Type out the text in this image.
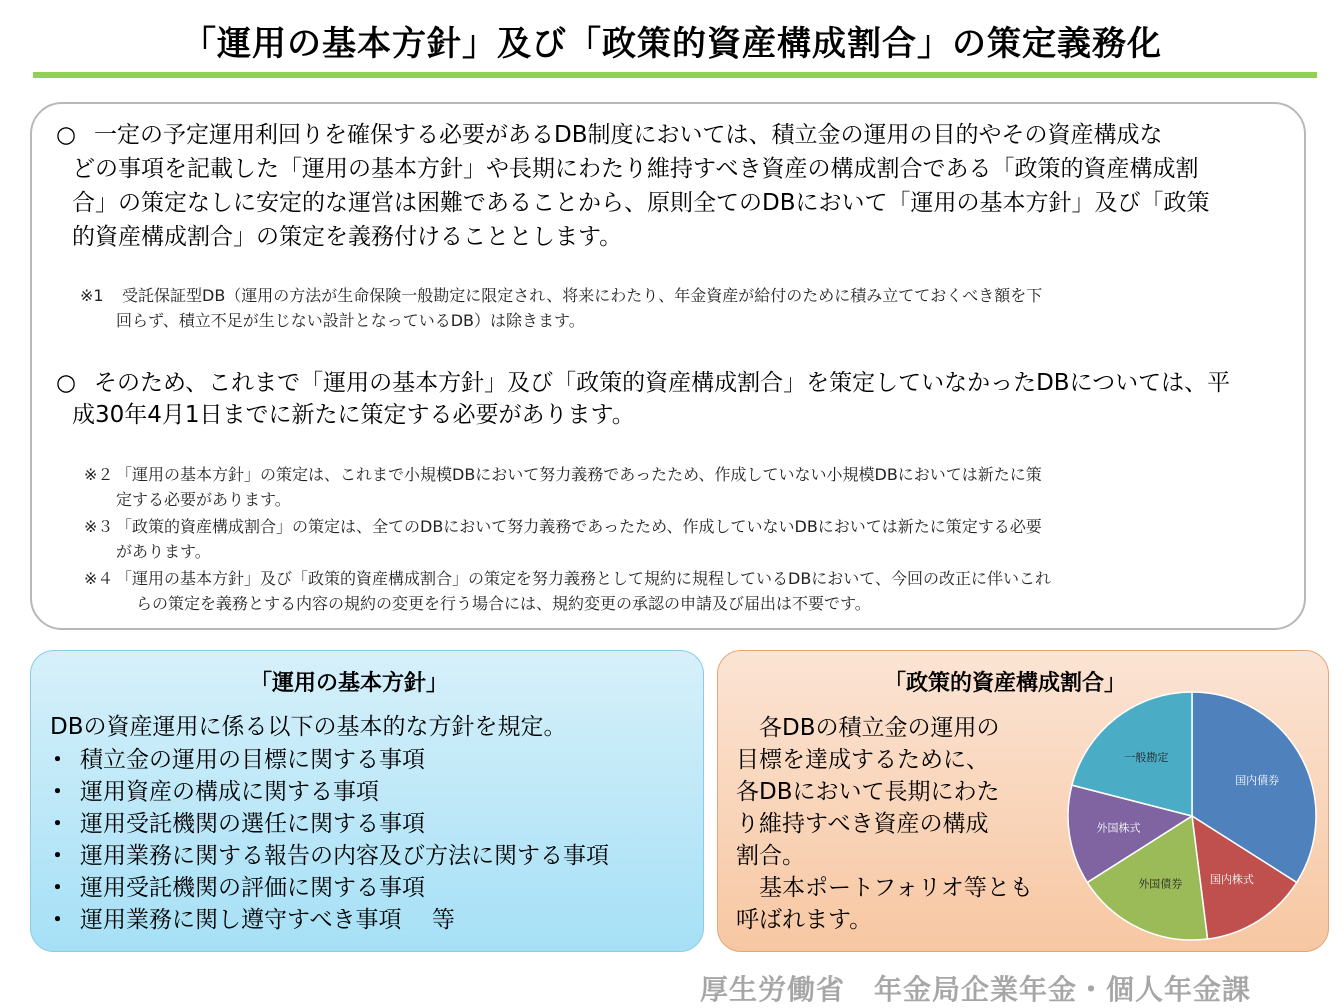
「運用の基本方針」及び「政策的資産構成割合」の策定義務化

○ 一定の予定運用利回りを確保する必要があるDB制度においては、積立金の運用の目的やその資産構成な

どの事項を記載した「運用の基本方針」や長期にわたり維持すべき資産の構成割合である「政策的資産構成割

合」の策定なしに安定的な運営は困難であることから、原則全てのDBにおいて「運用の基本方針」及び「政策

的資産構成割合」の策定を義務付けることとします。

※1 受託保証型DB（運用の方法が生命保険一般勘定に限定され、将来にわたり、年金資産が給付のために積み立てておくべき額を下

回らず、積立不足が生じない設計となっているDB）は除きます。

○ そのため、これまで「運用の基本方針」及び「政策的資産構成割合」を策定していなかったDBについては、平

成30年4月1日までに新たに策定する必要があります。

※２ 「運用の基本方針」の策定は、これまで小規模DBにおいて努力義務であったため、作成していない小規模DBにおいては新たに策

定する必要があります。

※３ 「政策的資産構成割合」の策定は、全てのDBにおいて努力義務であったため、作成していないDBにおいては新たに策定する必要

があります。

※４ 「運用の基本方針」及び「政策的資産構成割合」の策定を努力義務として規約に規程しているDBにおいて、今回の改正に伴いこれ

らの策定を義務とする内容の規約の変更を行う場合には、規約変更の承認の申請及び届出は不要です。

「運用の基本方針」
DBの資産運用に係る以下の基本的な方針を規定。
・ 積立金の運用の目標に関する事項
・ 運用資産の構成に関する事項
・ 運用受託機関の選任に関する事項
・ 運用業務に関する報告の内容及び方法に関する事項
・ 運用受託機関の評価に関する事項
・ 運用業務に関し遵守すべき事項　 等
「政策的資産構成割合」

　各DBの積立金の運用の

目標を達成するために、

各DBにおいて長期にわた

り維持すべき資産の構成

割合。

　基本ポートフォリオ等とも

呼ばれます。

国内債券
国内株式
外国債券
外国株式
一般勘定
厚生労働省　年金局企業年金・個人年金課
